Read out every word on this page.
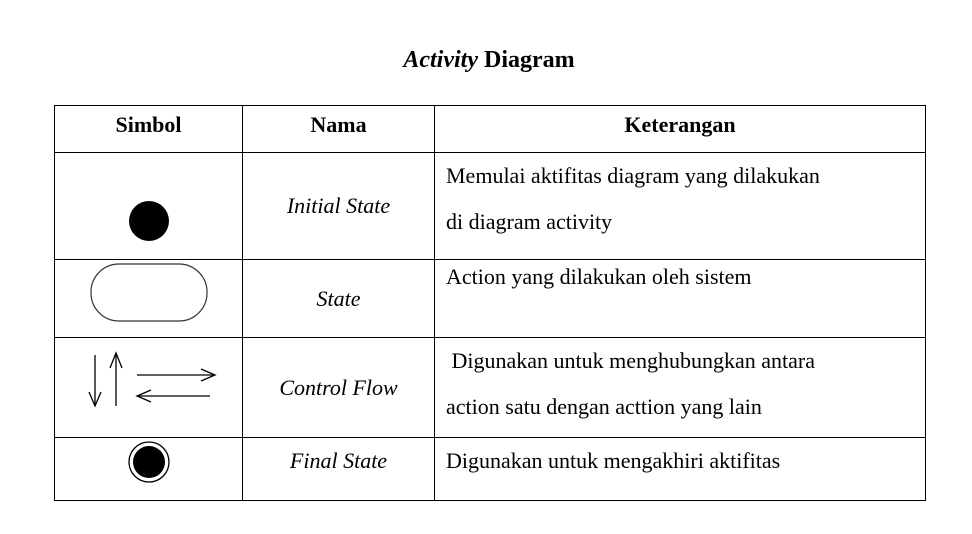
Activity Diagram
Simbol	Nama	Keterangan

	Initial State	Memulai aktifitas diagram yang dilakukan
di diagram activity

	State	Action yang dilakukan oleh sistem

	Control Flow	Digunakan untuk menghubungkan antara
action satu dengan acttion yang lain

	Final State	Digunakan untuk mengakhiri aktifitas
